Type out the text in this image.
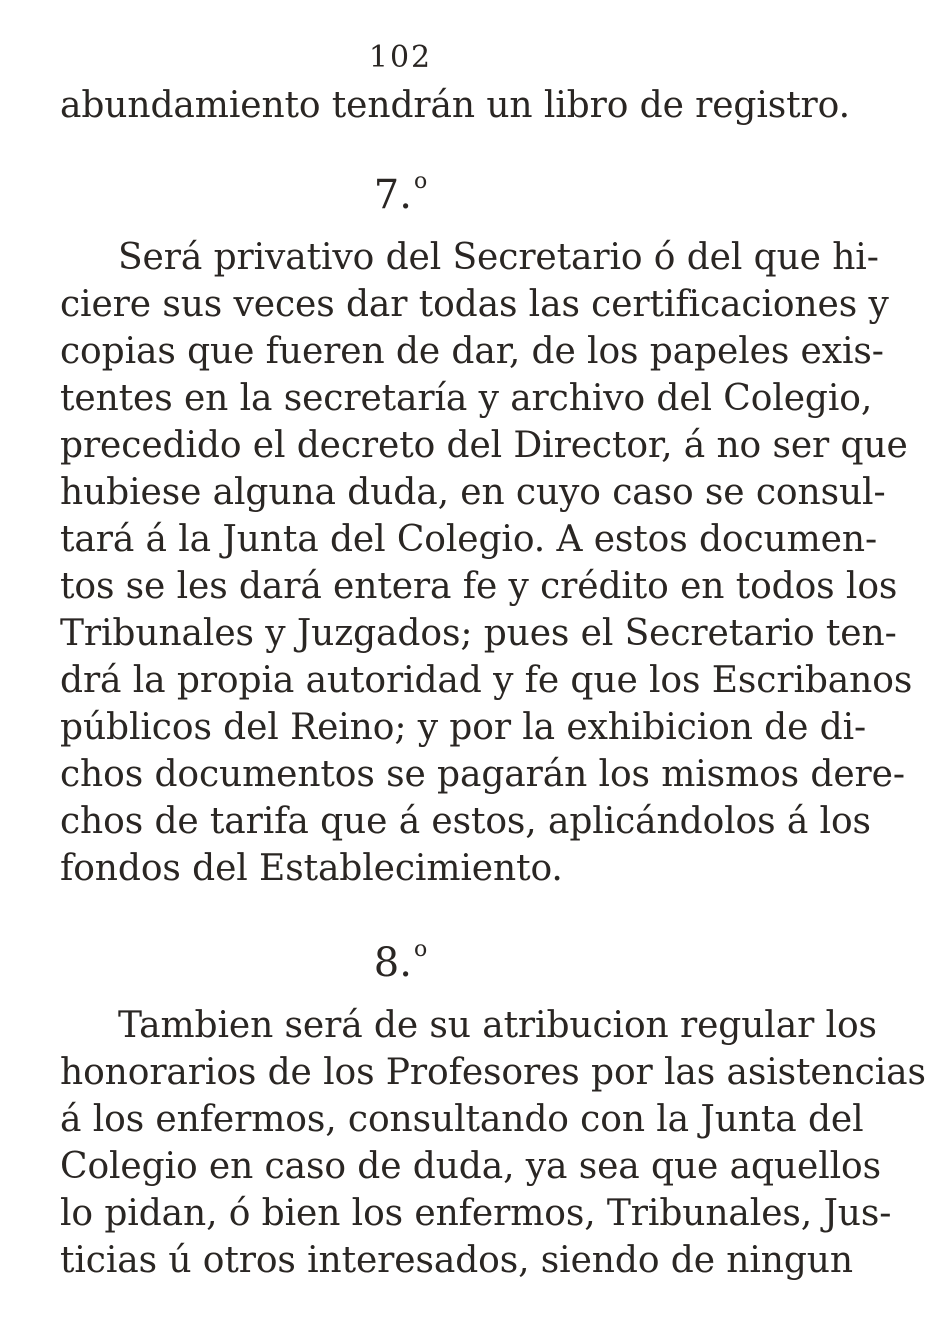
102
abundamiento tendrán un libro de registro.
7.$^o$
Será privativo del Secretario ó del que hi-
ciere sus veces dar todas las certificaciones y
copias que fueren de dar, de los papeles exis-
tentes en la secretaría y archivo del Colegio,
precedido el decreto del Director, á no ser que
hubiese alguna duda, en cuyo caso se consul-
tará á la Junta del Colegio. A estos documen-
tos se les dará entera fe y crédito en todos los
Tribunales y Juzgados; pues el Secretario ten-
drá la propia autoridad y fe que los Escribanos
públicos del Reino; y por la exhibicion de di-
chos documentos se pagarán los mismos dere-
chos de tarifa que á estos, aplicándolos á los
fondos del Establecimiento.
8.$^o$
Tambien será de su atribucion regular los
honorarios de los Profesores por las asistencias
á los enfermos, consultando con la Junta del
Colegio en caso de duda, ya sea que aquellos
lo pidan, ó bien los enfermos, Tribunales, Jus-
ticias ú otros interesados, siendo de ningun
